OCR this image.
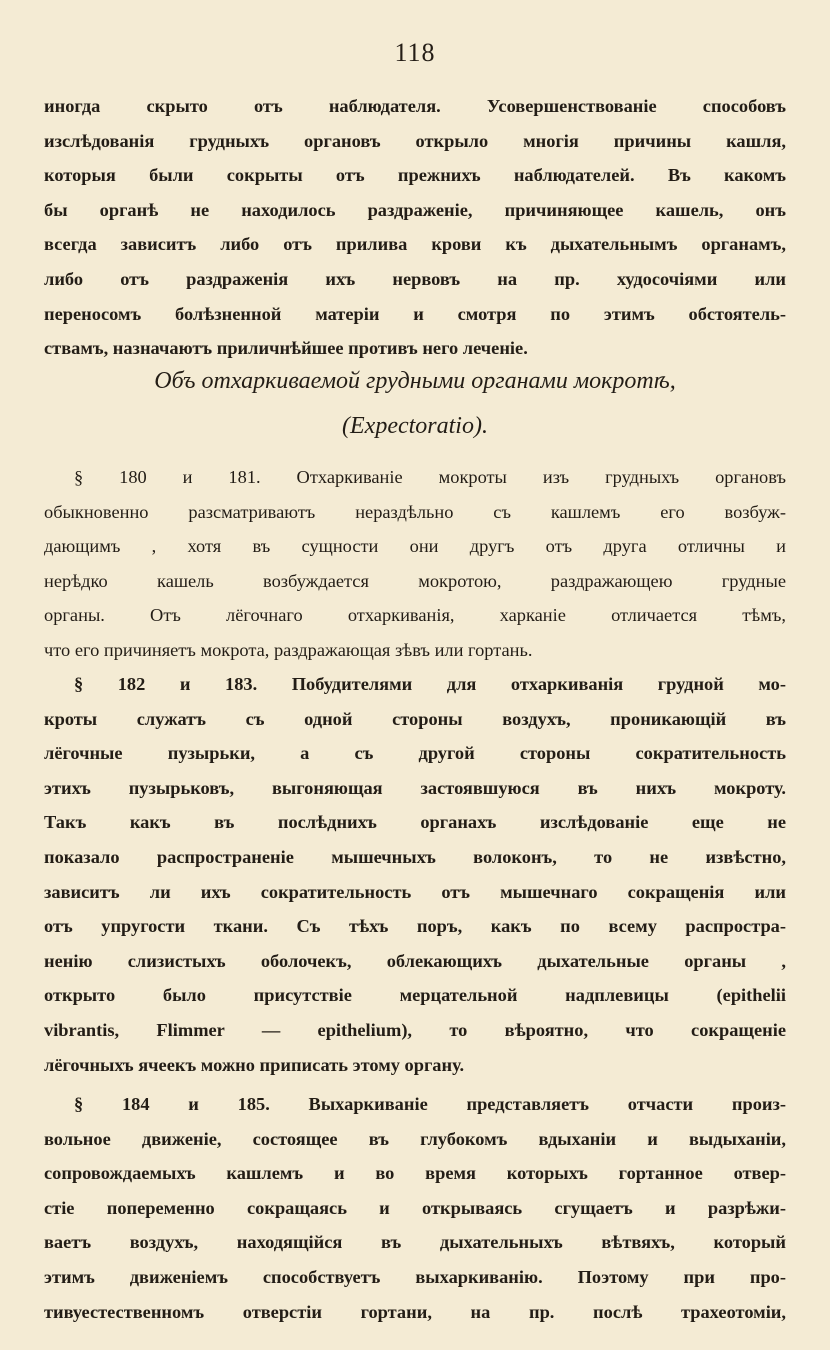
118
иногда скрыто отъ наблюдателя. Усовершенствованіе способовъ
изслѣдованія грудныхъ органовъ открыло многія причины кашля,
которыя были сокрыты отъ прежнихъ наблюдателей. Въ какомъ
бы органѣ не находилось раздраженіе, причиняющее кашель, онъ
всегда зависитъ либо отъ прилива крови къ дыхательнымъ органамъ,
либо отъ раздраженія ихъ нервовъ на пр. худосочіями или
переносомъ болѣзненной матеріи и смотря по этимъ обстоятель-
ствамъ, назначаютъ приличнѣйшее противъ него леченіе.
Объ отхаркиваемой грудными органами мокротѣ,
(Expectoratio).
§ 180 и 181. Отхаркиваніе мокроты изъ грудныхъ органовъ
обыкновенно разсматриваютъ нераздѣльно съ кашлемъ его возбуж-
дающимъ , хотя въ сущности они другъ отъ друга отличны и
нерѣдко кашель возбуждается мокротою, раздражающею грудные
органы. Отъ лёгочнаго отхаркиванія, харканіе отличается тѣмъ,
что его причиняетъ мокрота, раздражающая зѣвъ или гортань.
§ 182 и 183. Побудителями для отхаркиванія грудной мо-
кроты служатъ съ одной стороны воздухъ, проникающій въ
лёгочные пузырьки, а съ другой стороны сократительность
этихъ пузырьковъ, выгоняющая застоявшуюся въ нихъ мокроту.
Такъ какъ въ послѣднихъ органахъ изслѣдованіе еще не
показало распространеніе мышечныхъ волоконъ, то не извѣстно,
зависитъ ли ихъ сократительность отъ мышечнаго сокращенія или
отъ упругости ткани. Съ тѣхъ поръ, какъ по всему распростра-
ненію слизистыхъ оболочекъ, облекающихъ дыхательные органы ,
открыто было присутствіе мерцательной надплевицы (epithelii
vibrantis, Flimmer — epithelium), то вѣроятно, что сокращеніе
лёгочныхъ ячеекъ можно приписать этому органу.
§ 184 и 185. Выхаркиваніе представляетъ отчасти произ-
вольное движеніе, состоящее въ глубокомъ вдыханіи и выдыханіи,
сопровождаемыхъ кашлемъ и во время которыхъ гортанное отвер-
стіе попеременно сокращаясь и открываясь сгущаетъ и разрѣжи-
ваетъ воздухъ, находящійся въ дыхательныхъ вѣтвяхъ, который
этимъ движеніемъ способствуетъ выхаркиванію. Поэтому при про-
тивуестественномъ отверстіи гортани, на пр. послѣ трахеотоміи,
